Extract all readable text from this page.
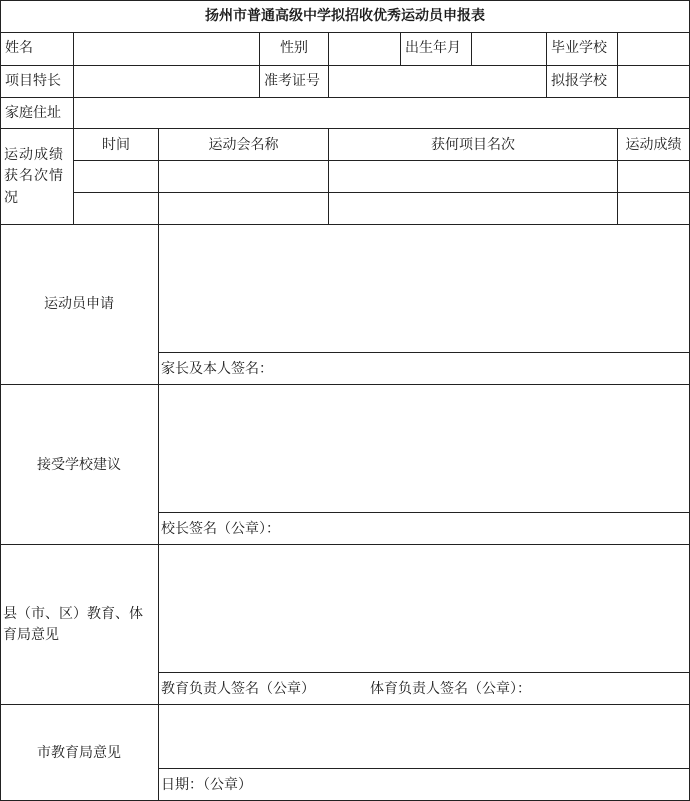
扬州市普通高级中学拟招收优秀运动员申报表
姓名	性别	出生年月	毕业学校
项目特长	准考证号	拟报学校
家庭住址
运动成绩
获名次情
况
时间	运动会名称	获何项目名次	运动成绩
运动员申请
家长及本人签名：
接受学校建议
校长签名（公章）：
县（市、区）教育、体
育局意见
教育负责人签名（公章）	体育负责人签名（公章）：
市教育局意见
日期：（公章）
